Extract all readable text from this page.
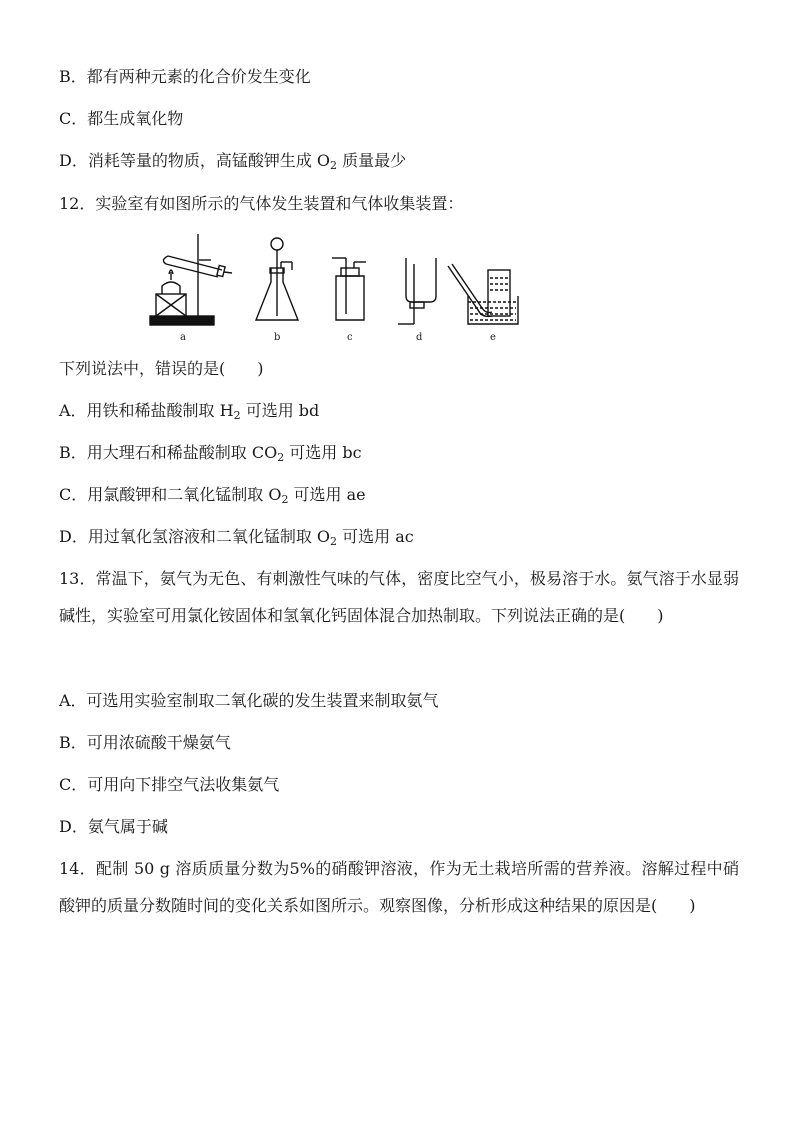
B．都有两种元素的化合价发生变化
C．都生成氧化物
D．消耗等量的物质，高锰酸钾生成 $O_2$ 质量最少
12．实验室有如图所示的气体发生装置和气体收集装置：
a	b	c	d	e
下列说法中，错误的是(　　)
A．用铁和稀盐酸制取 $H_2$ 可选用 bd
B．用大理石和稀盐酸制取 $CO_2$ 可选用 bc
C．用氯酸钾和二氧化锰制取 $O_2$ 可选用 ae
D．用过氧化氢溶液和二氧化锰制取 $O_2$ 可选用 ac
13．常温下，氨气为无色、有刺激性气味的气体，密度比空气小，极易溶于水。氨气溶于水显弱碱性，实验室可用氯化铵固体和氢氧化钙固体混合加热制取。下列说法正确的是(　　)
A．可选用实验室制取二氧化碳的发生装置来制取氨气
B．可用浓硫酸干燥氨气
C．可用向下排空气法收集氨气
D．氨气属于碱
14．配制 50 g 溶质质量分数为5%的硝酸钾溶液，作为无土栽培所需的营养液。溶解过程中硝酸钾的质量分数随时间的变化关系如图所示。观察图像，分析形成这种结果的原因是(　　)
